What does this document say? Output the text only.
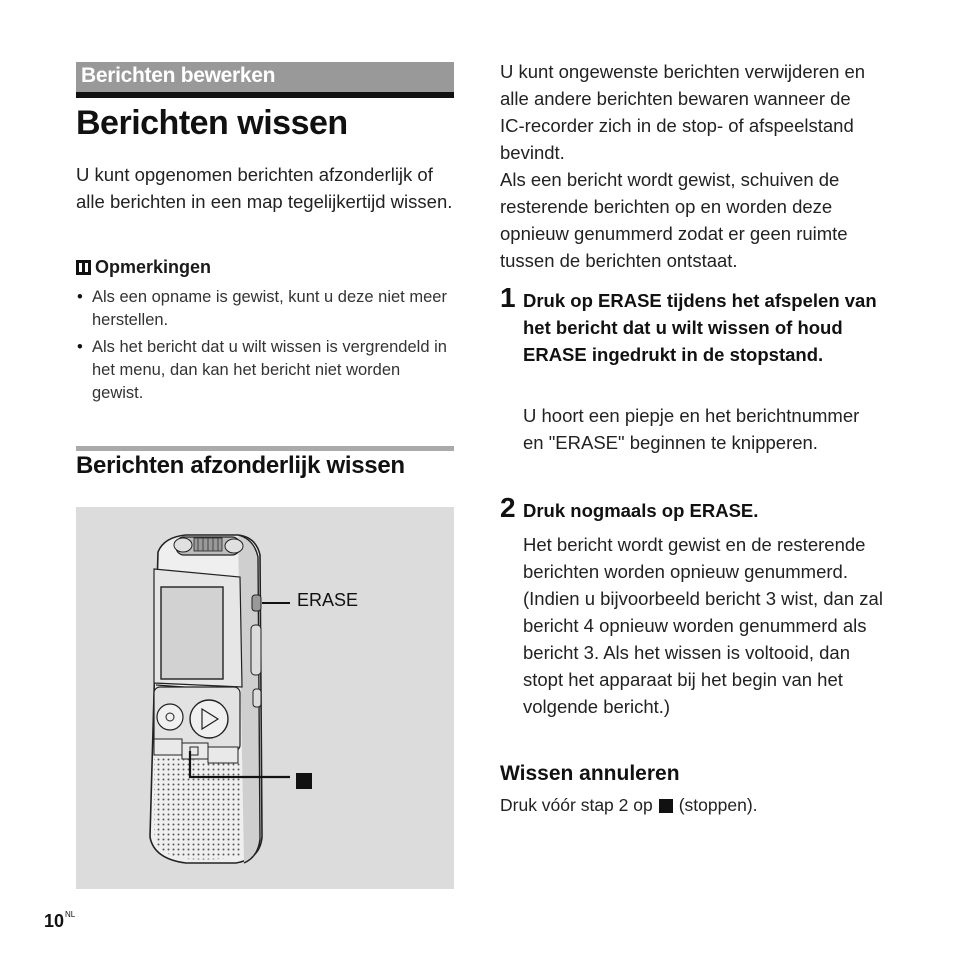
Berichten bewerken
Berichten wissen
U kunt opgenomen berichten afzonderlijk of alle berichten in een map tegelijkertijd wissen.
Opmerkingen
• Als een opname is gewist, kunt u deze niet meer herstellen.
• Als het bericht dat u wilt wissen is vergrendeld in het menu, dan kan het bericht niet worden gewist.
Berichten afzonderlijk wissen
ERASE
U kunt ongewenste berichten verwijderen en alle andere berichten bewaren wanneer de IC-recorder zich in de stop- of afspeelstand bevindt.
Als een bericht wordt gewist, schuiven de resterende berichten op en worden deze opnieuw genummerd zodat er geen ruimte tussen de berichten ontstaat.
1 Druk op ERASE tijdens het afspelen van het bericht dat u wilt wissen of houd ERASE ingedrukt in de stopstand.

U hoort een piepje en het berichtnummer en "ERASE" beginnen te knipperen.
2 Druk nogmaals op ERASE.

Het bericht wordt gewist en de resterende berichten worden opnieuw genummerd. (Indien u bijvoorbeeld bericht 3 wist, dan zal bericht 4 opnieuw worden genummerd als bericht 3. Als het wissen is voltooid, dan stopt het apparaat bij het begin van het volgende bericht.)
Wissen annuleren
Druk vóór stap 2 op (stoppen).
$10^{NL}$
